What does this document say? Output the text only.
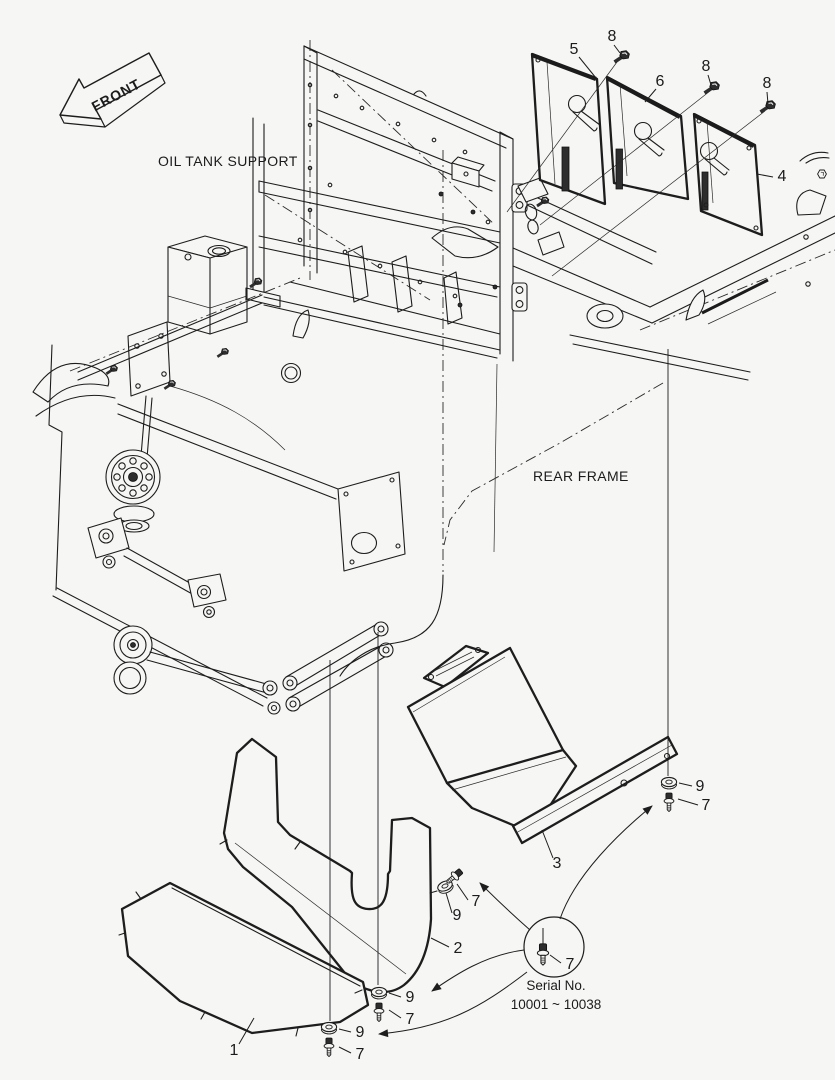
FRONT
OIL TANK SUPPORT
REAR FRAME
7
Serial No.
10001 ~ 10038
5
8
6
8
8
4
3
9
7
7
9
2
9
7
9
7
1
